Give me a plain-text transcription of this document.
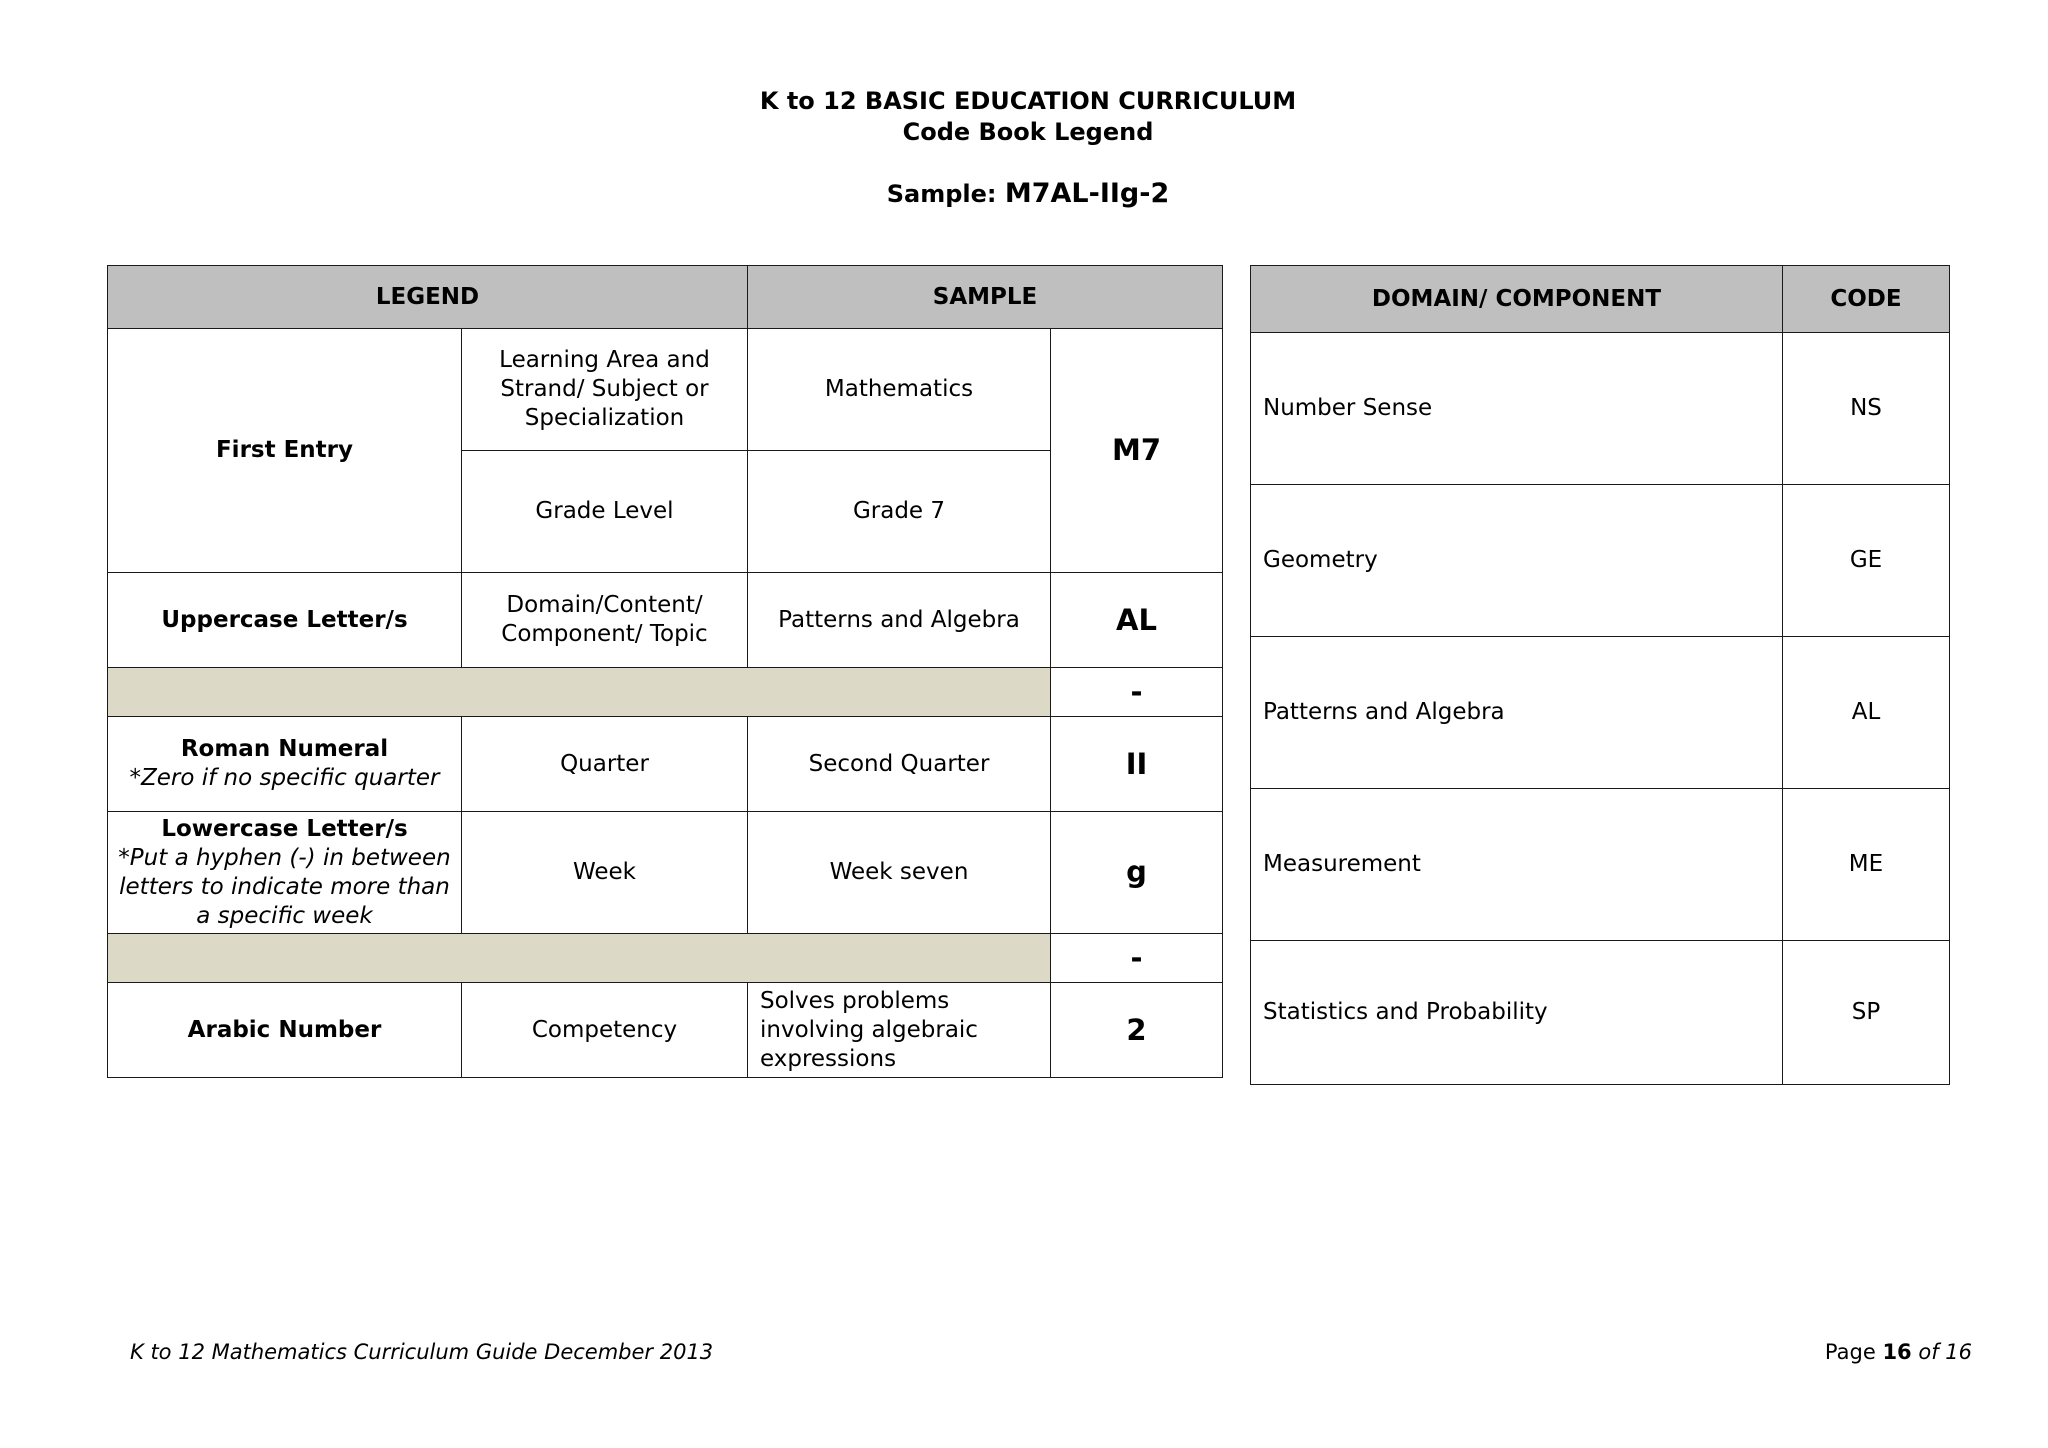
K to 12 BASIC EDUCATION CURRICULUM
Code Book Legend
Sample: M7AL-IIg-2
LEGEND		SAMPLE	
First Entry	Learning Area and Strand/ Subject or Specialization	Mathematics	M7
	Grade Level	Grade 7	
Uppercase Letter/s	Domain/Content/ Component/ Topic	Patterns and Algebra	AL
			-

Roman Numeral
*Zero if no specific quarter	Quarter	Second Quarter	II

Lowercase Letter/s
*Put a hyphen (-) in between letters to indicate more than a specific week	Week	Week seven	g
			-
Arabic Number	Competency	Solves problems involving algebraic expressions	2
DOMAIN/ COMPONENT	CODE
Number Sense	NS
Geometry	GE
Patterns and Algebra	AL
Measurement	ME
Statistics and Probability	SP
K to 12 Mathematics Curriculum Guide December 2013	Page 16 of 16
